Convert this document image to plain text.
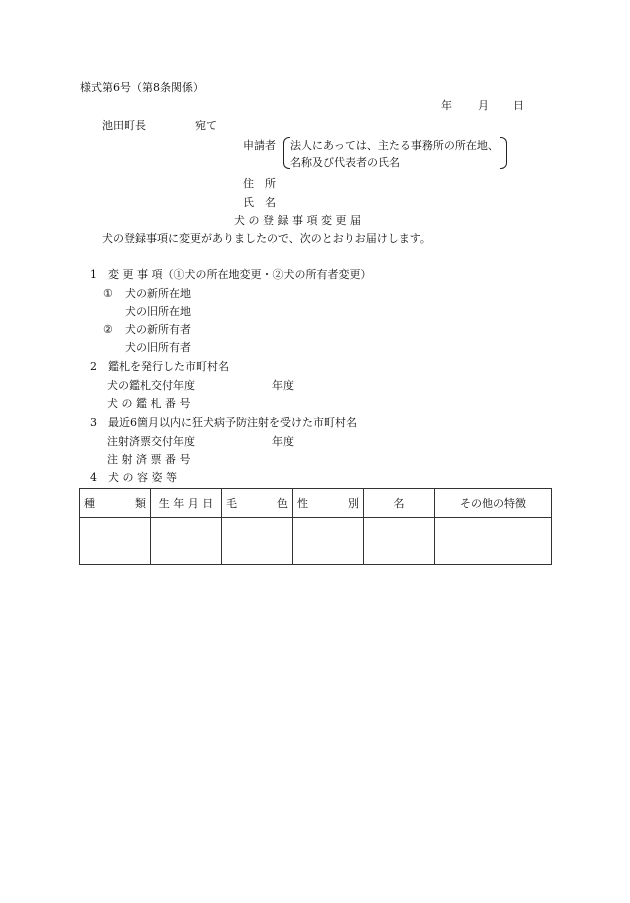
様式第6号（第8条関係）
年 月 日
池田町長	宛て
申請者 法人にあっては、主たる事務所の所在地、
名称及び代表者の氏名
住　所
氏　名
犬 の 登 録 事 項 変 更 届
犬の登録事項に変更がありましたので、次のとおりお届けします。
1　変 更 事 項（①犬の所在地変更・②犬の所有者変更）
① 犬の新所在地
犬の旧所在地
② 犬の新所有者
犬の旧所有者
2　鑑札を発行した市町村名
犬の鑑札交付年度	年度
犬 の 鑑 札 番 号
3　最近6箇月以内に狂犬病予防注射を受けた市町村名
注射済票交付年度	年度
注 射 済 票 番 号
4　犬 の 容 姿 等
種 類	生 年 月 日	毛 色	性 別	名	その他の特徴
